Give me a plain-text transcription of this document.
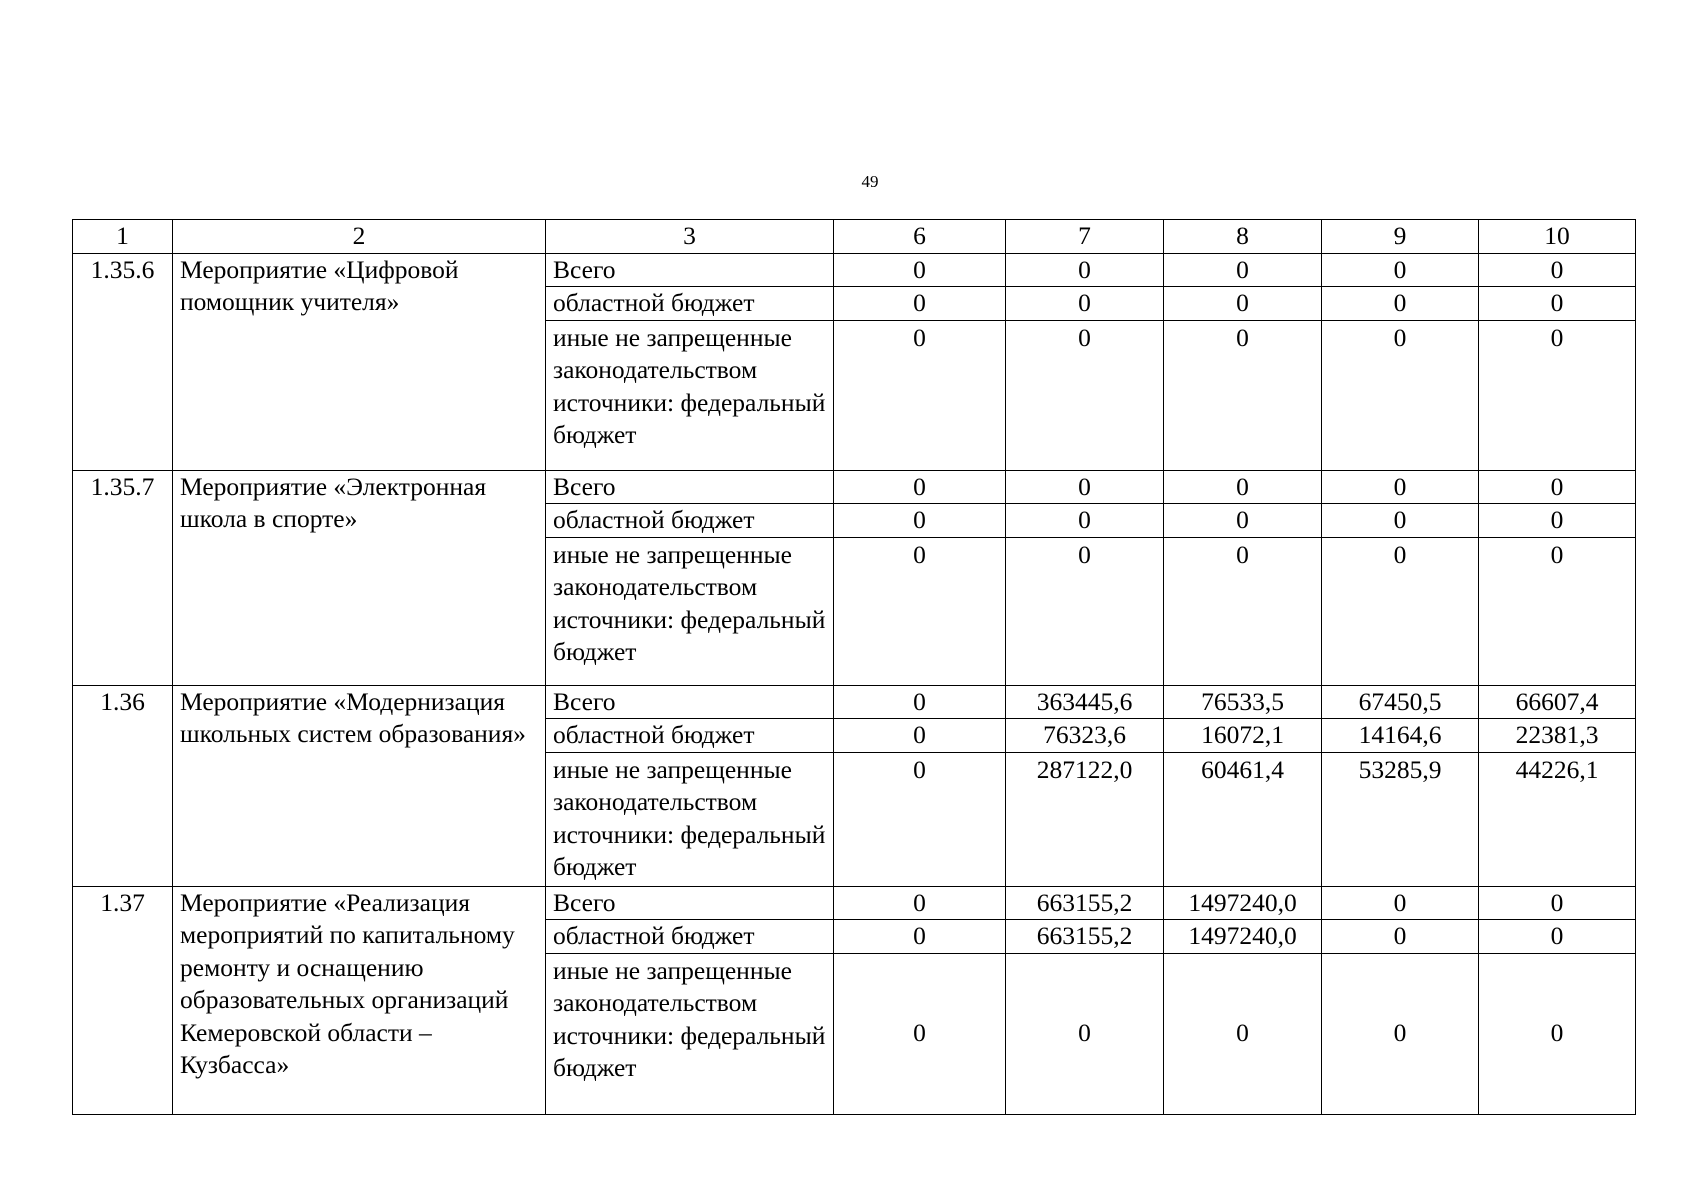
49
1	2	3	6	7	8	9	10
1.35.6	Мероприятие «Цифровой помощник учителя»	Всего	0	0	0	0	0
		областной бюджет	0	0	0	0	0
		иные не запрещенные законодательством источники: федеральный бюджет	0	0	0	0	0
1.35.7	Мероприятие «Электронная школа в спорте»	Всего	0	0	0	0	0
		областной бюджет	0	0	0	0	0
		иные не запрещенные законодательством источники: федеральный бюджет	0	0	0	0	0
1.36	Мероприятие «Модернизация школьных систем образования»	Всего	0	363445,6	76533,5	67450,5	66607,4
		областной бюджет	0	76323,6	16072,1	14164,6	22381,3
		иные не запрещенные законодательством источники: федеральный бюджет	0	287122,0	60461,4	53285,9	44226,1
1.37	Мероприятие «Реализация мероприятий по капитальному ремонту и оснащению образовательных организаций Кемеровской области – Кузбасса»	Всего	0	663155,2	1497240,0	0	0
		областной бюджет	0	663155,2	1497240,0	0	0
		иные не запрещенные законодательством источники: федеральный бюджет	0	0	0	0	0
